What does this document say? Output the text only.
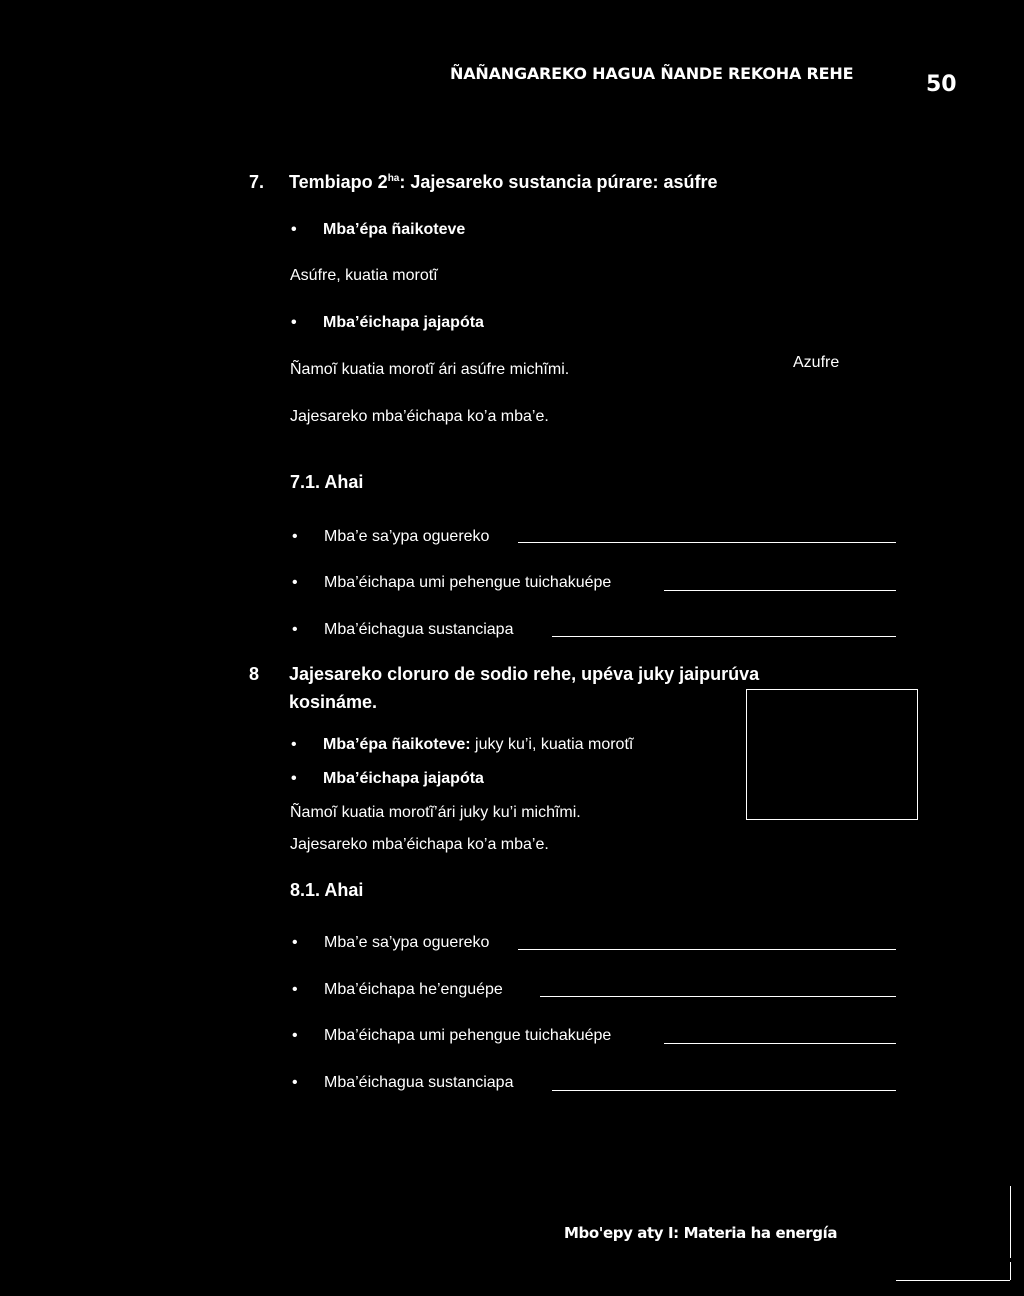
ÑAÑANGAREKO HAGUA ÑANDE REKOHA REHE	50
7. Tembiapo $2^{ha}$: Jajesareko sustancia púrare: asúfre
• Mba’épa ñaikoteve
Asúfre, kuatia morotĩ
• Mba’éichapa jajapóta
Ñamoĩ kuatia morotĩ ári asúfre michĩmi.	Azufre
Jajesareko mba’éichapa ko’a mba’e.
7.1. Ahai
• Mba’e sa’ypa oguereko
• Mba’éichapa umi pehengue tuichakuépe
• Mba’éichagua sustanciapa
8 Jajesareko cloruro de sodio rehe, upéva juky jaipurúva
kosináme.
• Mba’épa ñaikoteve: juky ku’i, kuatia morotĩ
• Mba’éichapa jajapóta
Ñamoĩ kuatia morotĩ’ári juky ku’i michĩmi.
Jajesareko mba’éichapa ko’a mba’e.
8.1. Ahai
• Mba’e sa’ypa oguereko
• Mba’éichapa he’enguépe
• Mba’éichapa umi pehengue tuichakuépe
• Mba’éichagua sustanciapa
Mbo'epy aty I: Materia ha energía
